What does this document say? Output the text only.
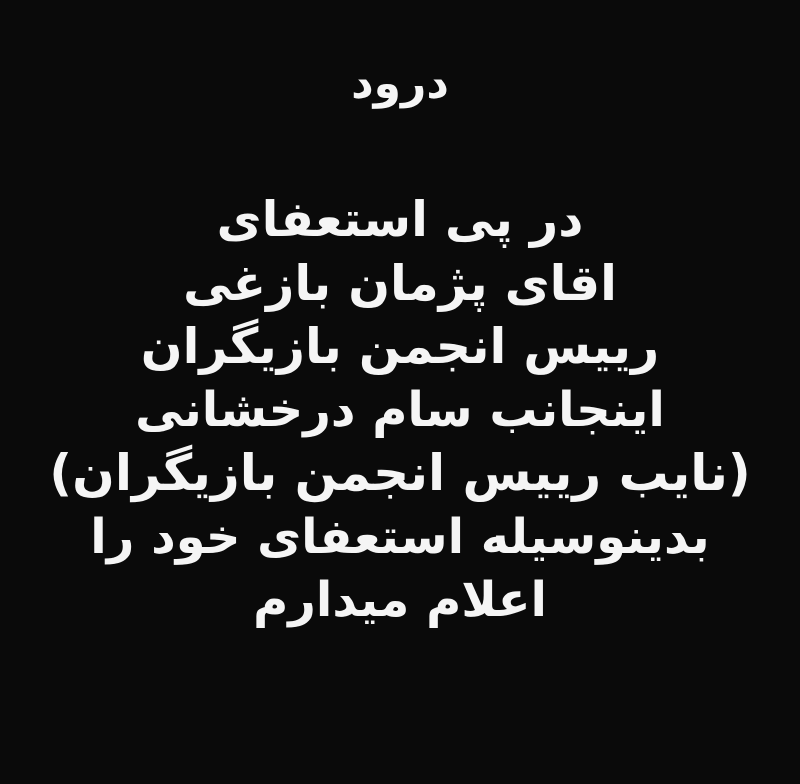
درود
در پی استعفای
اقای پژمان بازغی
ریيس انجمن بازیگران
اینجانب سام درخشانی
(نایب ریيس انجمن بازیگران)
بدینوسیله استعفای خود را
اعلام میدارم
